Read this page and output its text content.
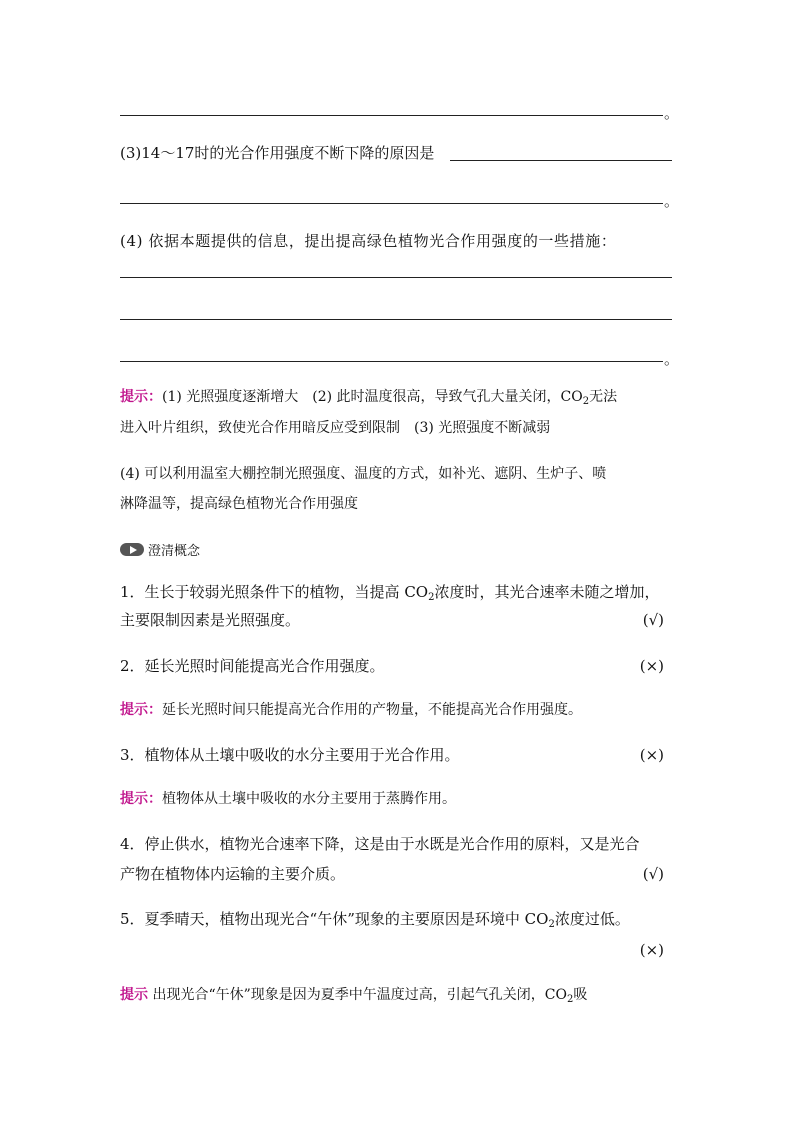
。
(3)14～17时的光合作用强度不断下降的原因是
。
(4) 依据本题提供的信息，提出提高绿色植物光合作用强度的一些措施：
。
提示：(1) 光照强度逐渐增大　(2) 此时温度很高，导致气孔大量关闭，$CO_2$无法
进入叶片组织，致使光合作用暗反应受到限制　(3) 光照强度不断减弱
(4) 可以利用温室大棚控制光照强度、温度的方式，如补光、遮阴、生炉子、喷
淋降温等，提高绿色植物光合作用强度
澄清概念
1．生长于较弱光照条件下的植物，当提高 $CO_2$浓度时，其光合速率未随之增加，
主要限制因素是光照强度。	(√)
2．延长光照时间能提高光合作用强度。	(×)
提示：延长光照时间只能提高光合作用的产物量，不能提高光合作用强度。
3．植物体从土壤中吸收的水分主要用于光合作用。	(×)
提示：植物体从土壤中吸收的水分主要用于蒸腾作用。
4．停止供水，植物光合速率下降，这是由于水既是光合作用的原料，又是光合
产物在植物体内运输的主要介质。	(√)
5．夏季晴天，植物出现光合“午休”现象的主要原因是环境中 $CO_2$浓度过低。
(×)
提示 出现光合“午休”现象是因为夏季中午温度过高，引起气孔关闭，$CO_2$吸
